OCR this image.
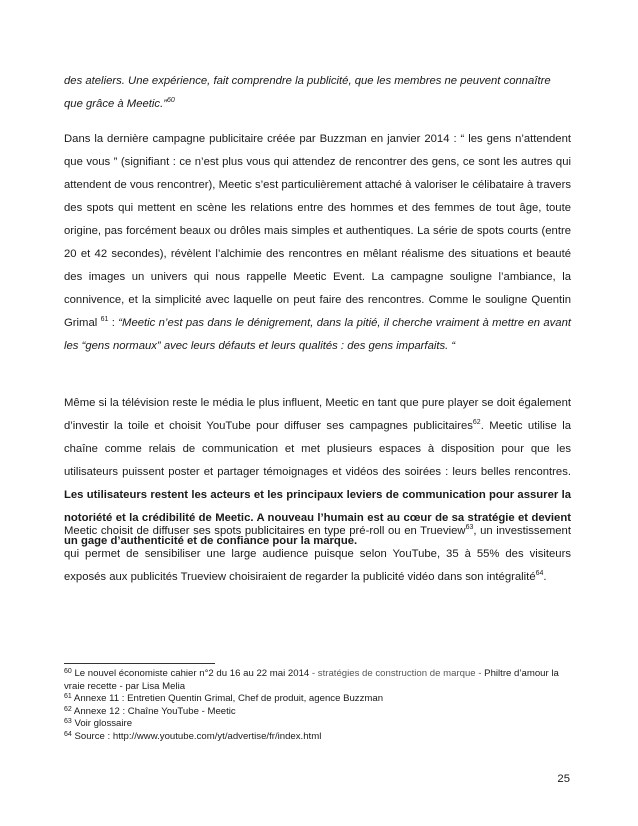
des ateliers. Une expérience, fait comprendre la publicité, que les membres ne peuvent connaître
que grâce à Meetic.”$^{60}$

Dans la dernière campagne publicitaire créée par Buzzman en janvier 2014 : “ les gens n’attendent que vous ” (signifiant : ce n’est plus vous qui attendez de rencontrer des gens, ce sont les autres qui attendent de vous rencontrer), Meetic s’est particulièrement attaché à valoriser le célibataire à travers des spots qui mettent en scène les relations entre des hommes et des femmes de tout âge, toute origine, pas forcément beaux ou drôles mais simples et authentiques. La série de spots courts (entre 20 et 42 secondes), révèlent l’alchimie des rencontres en mêlant réalisme des situations et beauté des images un univers qui nous rappelle Meetic Event. La campagne souligne l’ambiance, la connivence, et la simplicité avec laquelle on peut faire des rencontres. Comme le souligne Quentin Grimal $^{61}$ : “Meetic n’est pas dans le dénigrement, dans la pitié, il cherche vraiment à mettre en avant les “gens normaux” avec leurs défauts et leurs qualités : des gens imparfaits. “

Même si la télévision reste le média le plus influent, Meetic en tant que pure player se doit également d’investir la toile et choisit YouTube pour diffuser ses campagnes publicitaires$^{62}$. Meetic utilise la chaîne comme relais de communication et met plusieurs espaces à disposition pour que les utilisateurs puissent poster et partager témoignages et vidéos des soirées : leurs belles rencontres. Les utilisateurs restent les acteurs et les principaux leviers de communication pour assurer la notoriété et la crédibilité de Meetic. A nouveau l’humain est au cœur de sa stratégie et devient un gage d’authenticité et de confiance pour la marque.

Meetic choisit de diffuser ses spots publicitaires en type pré-roll ou en Trueview$^{63}$, un investissement qui permet de sensibiliser une large audience puisque selon YouTube, 35 à 55% des visiteurs exposés aux publicités Trueview choisiraient de regarder la publicité vidéo dans son intégralité$^{64}$.

$^{60}$ Le nouvel économiste cahier n°2 du 16 au 22 mai 2014 - stratégies de construction de marque - Philtre d’amour la vraie recette - par Lisa Melia

$^{61}$ Annexe 11 : Entretien Quentin Grimal, Chef de produit, agence Buzzman

$^{62}$ Annexe 12 : Chaîne YouTube - Meetic

$^{63}$ Voir glossaire

$^{64}$ Source : http://www.youtube.com/yt/advertise/fr/index.html

25
